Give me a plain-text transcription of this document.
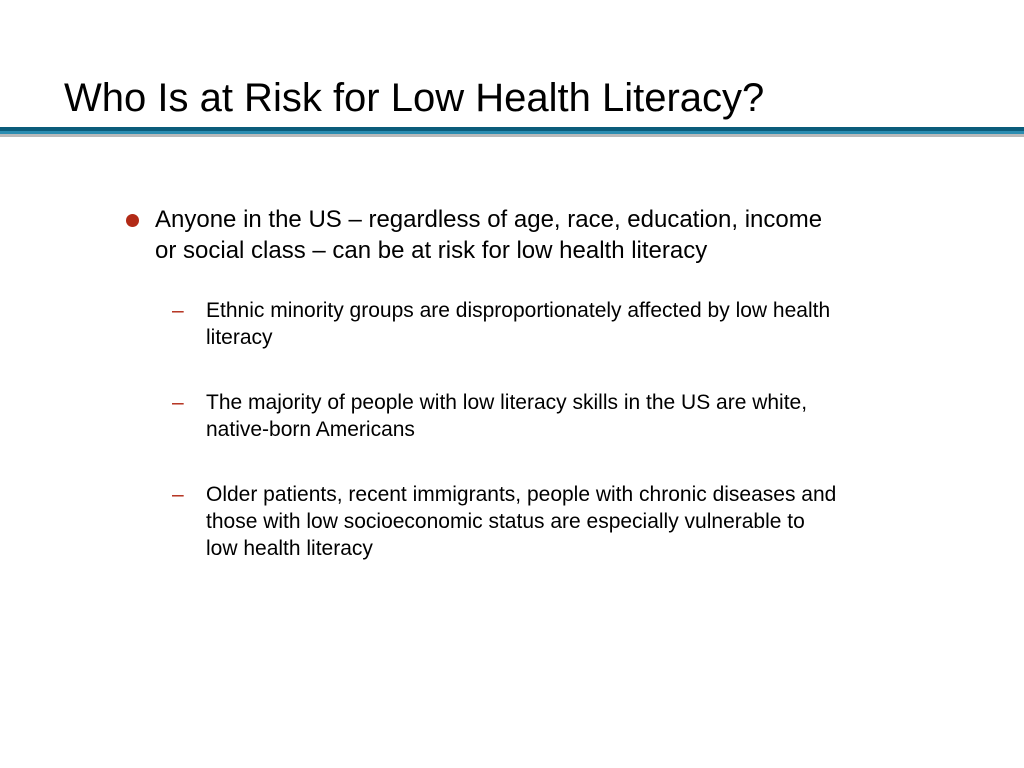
Who Is at Risk for Low Health Literacy?
Anyone in the US – regardless of age, race, education, income or social class – can be at risk for low health literacy
– Ethnic minority groups are disproportionately affected by low health literacy
– The majority of people with low literacy skills in the US are white, native-born Americans
– Older patients, recent immigrants, people with chronic diseases and those with low socioeconomic status are especially vulnerable to low health literacy
